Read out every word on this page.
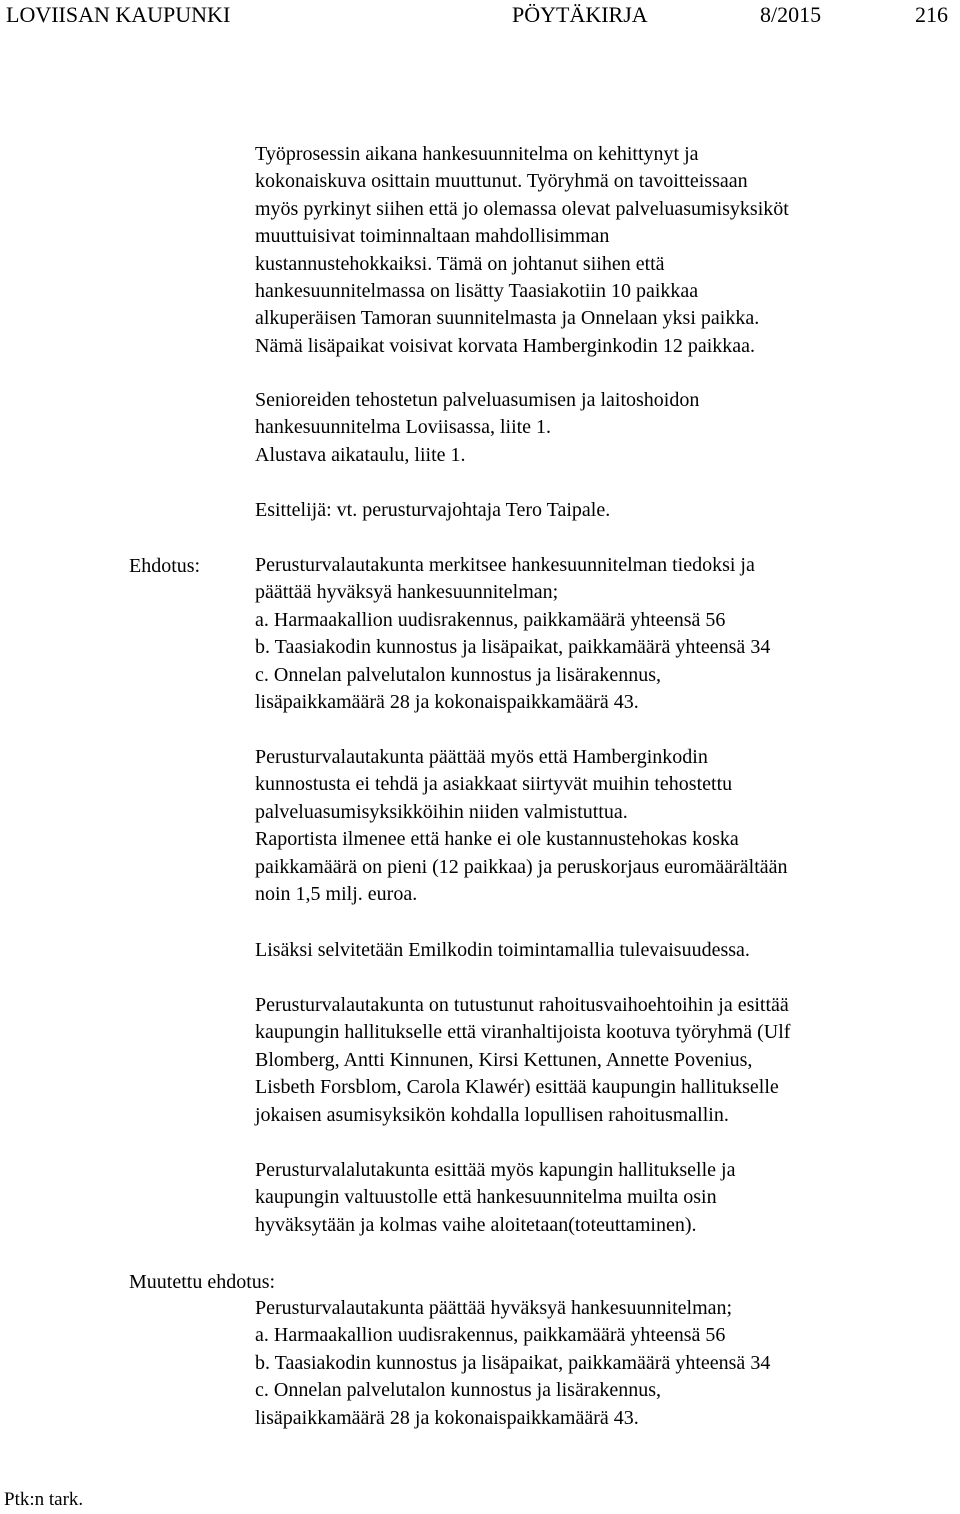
LOVIISAN KAUPUNKI	PÖYTÄKIRJA	8/2015	216
Työprosessin aikana hankesuunnitelma on kehittynyt ja
kokonaiskuva osittain muuttunut. Työryhmä on tavoitteissaan
myös pyrkinyt siihen että jo olemassa olevat palveluasumisyksiköt
muuttuisivat toiminnaltaan mahdollisimman
kustannustehokkaiksi. Tämä on johtanut siihen että
hankesuunnitelmassa on lisätty Taasiakotiin 10 paikkaa
alkuperäisen Tamoran suunnitelmasta ja Onnelaan yksi paikka.
Nämä lisäpaikat voisivat korvata Hamberginkodin 12 paikkaa.
Senioreiden tehostetun palveluasumisen ja laitoshoidon
hankesuunnitelma Loviisassa, liite 1.
Alustava aikataulu, liite 1.
Esittelijä: vt. perusturvajohtaja Tero Taipale.
Ehdotus:	Perusturvalautakunta merkitsee hankesuunnitelman tiedoksi ja
päättää hyväksyä hankesuunnitelman;
a. Harmaakallion uudisrakennus, paikkamäärä yhteensä 56
b. Taasiakodin kunnostus ja lisäpaikat, paikkamäärä yhteensä 34
c. Onnelan palvelutalon kunnostus ja lisärakennus,
lisäpaikkamäärä 28 ja kokonaispaikkamäärä 43.
Perusturvalautakunta päättää myös että Hamberginkodin
kunnostusta ei tehdä ja asiakkaat siirtyvät muihin tehostettu
palveluasumisyksikköihin niiden valmistuttua.
Raportista ilmenee että hanke ei ole kustannustehokas koska
paikkamäärä on pieni (12 paikkaa) ja peruskorjaus euromäärältään
noin 1,5 milj. euroa.
Lisäksi selvitetään Emilkodin toimintamallia tulevaisuudessa.
Perusturvalautakunta on tutustunut rahoitusvaihoehtoihin ja esittää
kaupungin hallitukselle että viranhaltijoista kootuva työryhmä (Ulf
Blomberg, Antti Kinnunen, Kirsi Kettunen, Annette Povenius,
Lisbeth Forsblom, Carola Klawér) esittää kaupungin hallitukselle
jokaisen asumisyksikön kohdalla lopullisen rahoitusmallin.
Perusturvalalutakunta esittää myös kapungin hallitukselle ja
kaupungin valtuustolle että hankesuunnitelma muilta osin
hyväksytään ja kolmas vaihe aloitetaan(toteuttaminen).
Muutettu ehdotus:
Perusturvalautakunta päättää hyväksyä hankesuunnitelman;
a. Harmaakallion uudisrakennus, paikkamäärä yhteensä 56
b. Taasiakodin kunnostus ja lisäpaikat, paikkamäärä yhteensä 34
c. Onnelan palvelutalon kunnostus ja lisärakennus,
lisäpaikkamäärä 28 ja kokonaispaikkamäärä 43.
Ptk:n tark.
